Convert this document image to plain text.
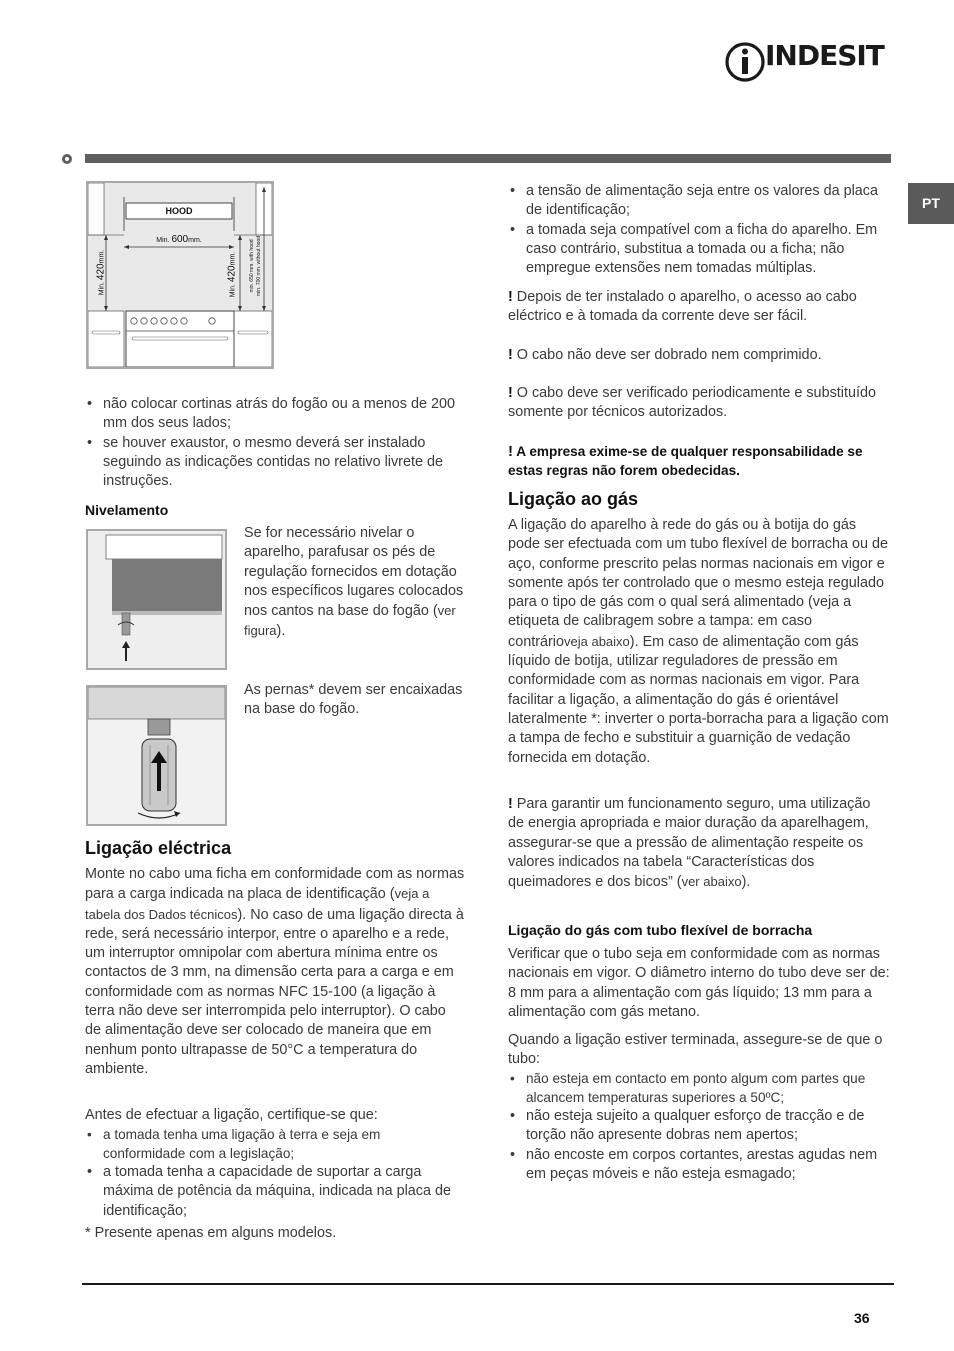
INDESIT
PT
HOOD
Min. 600mm.
Min. 420mm.
Min. 420mm.	min. 650 mm. with hood min. 700 mm. without hood
• não colocar cortinas atrás do fogão ou a menos de 200 mm dos seus lados;
• se houver exaustor, o mesmo deverá ser instalado seguindo as indicações contidas no relativo livrete de instruções.
Nivelamento

Se for necessário nivelar o aparelho, parafusar os pés de regulação fornecidos em dotação nos específicos lugares colocados nos cantos na base do fogão (ver figura).

As pernas* devem ser encaixadas na base do fogão.

Ligação eléctrica

Monte no cabo uma ficha em conformidade com as normas para a carga indicada na placa de identificação (veja a tabela dos Dados técnicos). No caso de uma ligação directa à rede, será necessário interpor, entre o aparelho e a rede, um interruptor omnipolar com abertura mínima entre os contactos de 3 mm, na dimensão certa para a carga e em conformidade com as normas NFC 15-100 (a ligação à terra não deve ser interrompida pelo interruptor). O cabo de alimentação deve ser colocado de maneira que em nenhum ponto ultrapasse de 50°C a temperatura do ambiente.

Antes de efectuar a ligação, certifique-se que:

• a tomada tenha uma ligação à terra e seja em conformidade com a legislação;
• a tomada tenha a capacidade de suportar a carga máxima de potência da máquina, indicada na placa de identificação;

* Presente apenas em alguns modelos.

• a tensão de alimentação seja entre os valores da placa de identificação;
• a tomada seja compatível com a ficha do aparelho. Em caso contrário, substitua a tomada ou a ficha; não empregue extensões nem tomadas múltiplas.

! Depois de ter instalado o aparelho, o acesso ao cabo eléctrico e à tomada da corrente deve ser fácil.

! O cabo não deve ser dobrado nem comprimido.

! O cabo deve ser verificado periodicamente e substituído somente por técnicos autorizados.

! A empresa exime-se de qualquer responsabilidade se estas regras não forem obedecidas.

Ligação ao gás

A ligação do aparelho à rede do gás ou à botija do gás pode ser efectuada com um tubo flexível de borracha ou de aço, conforme prescrito pelas normas nacionais em vigor e somente após ter controlado que o mesmo esteja regulado para o tipo de gás com o qual será alimentado (veja a etiqueta de calibragem sobre a tampa: em caso contrárioveja abaixo). Em caso de alimentação com gás líquido de botija, utilizar reguladores de pressão em conformidade com as normas nacionais em vigor. Para facilitar a ligação, a alimentação do gás é orientável lateralmente *: inverter o porta-borracha para a ligação com a tampa de fecho e substituir a guarnição de vedação fornecida em dotação.

! Para garantir um funcionamento seguro, uma utilização de energia apropriada e maior duração da aparelhagem, assegurar-se que a pressão de alimentação respeite os valores indicados na tabela “Características dos queimadores e dos bicos” (ver abaixo).

Ligação do gás com tubo flexível de borracha

Verificar que o tubo seja em conformidade com as normas nacionais em vigor. O diâmetro interno do tubo deve ser de: 8 mm para a alimentação com gás líquido; 13 mm para a alimentação com gás metano.

Quando a ligação estiver terminada, assegure-se de que o tubo:

• não esteja em contacto em ponto algum com partes que alcancem temperaturas superiores a 50ºC;
• não esteja sujeito a qualquer esforço de tracção e de torção não apresente dobras nem apertos;
• não encoste em corpos cortantes, arestas agudas nem em peças móveis e não esteja esmagado;
36
